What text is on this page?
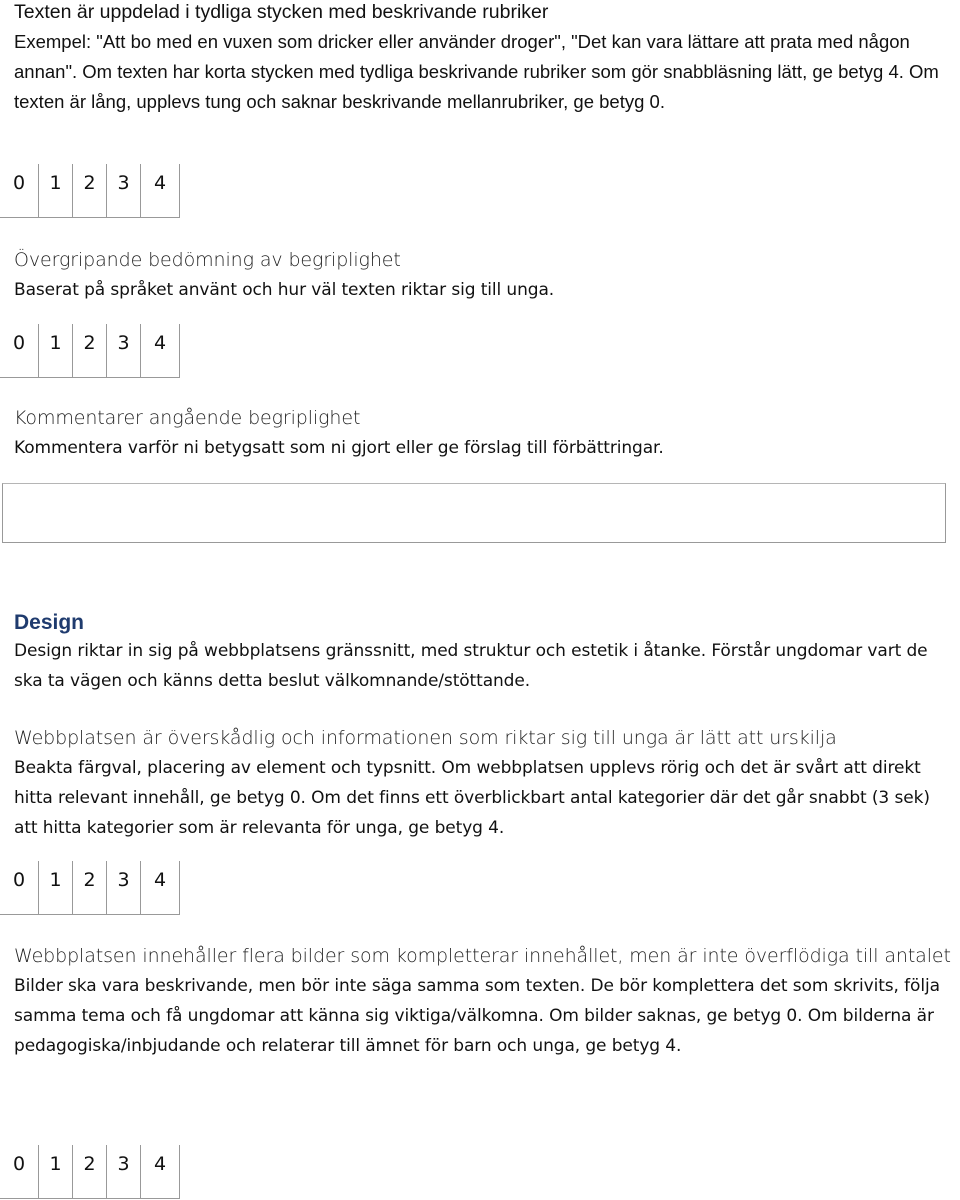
Texten är uppdelad i tydliga stycken med beskrivande rubriker

Exempel: "Att bo med en vuxen som dricker eller använder droger", "Det kan vara lättare att prata med någon annan". Om texten har korta stycken med tydliga beskrivande rubriker som gör snabbläsning lätt, ge betyg 4. Om texten är lång, upplevs tung och saknar beskrivande mellanrubriker, ge betyg 0.

0	1	2	3	4
Övergripande bedömning av begriplighet

Baserat på språket använt och hur väl texten riktar sig till unga.

0	1	2	3	4
Kommentarer angående begriplighet

Kommentera varför ni betygsatt som ni gjort eller ge förslag till förbättringar.

Design

Design riktar in sig på webbplatsens gränssnitt, med struktur och estetik i åtanke. Förstår ungdomar vart de ska ta vägen och känns detta beslut välkomnande/stöttande.

Webbplatsen är överskådlig och informationen som riktar sig till unga är lätt att urskilja

Beakta färgval, placering av element och typsnitt. Om webbplatsen upplevs rörig och det är svårt att direkt hitta relevant innehåll, ge betyg 0. Om det finns ett överblickbart antal kategorier där det går snabbt (3 sek) att hitta kategorier som är relevanta för unga, ge betyg 4.

0	1	2	3	4
Webbplatsen innehåller flera bilder som kompletterar innehållet, men är inte överflödiga till antalet

Bilder ska vara beskrivande, men bör inte säga samma som texten. De bör komplettera det som skrivits, följa samma tema och få ungdomar att känna sig viktiga/välkomna. Om bilder saknas, ge betyg 0. Om bilderna är pedagogiska/inbjudande och relaterar till ämnet för barn och unga, ge betyg 4.

0	1	2	3	4
